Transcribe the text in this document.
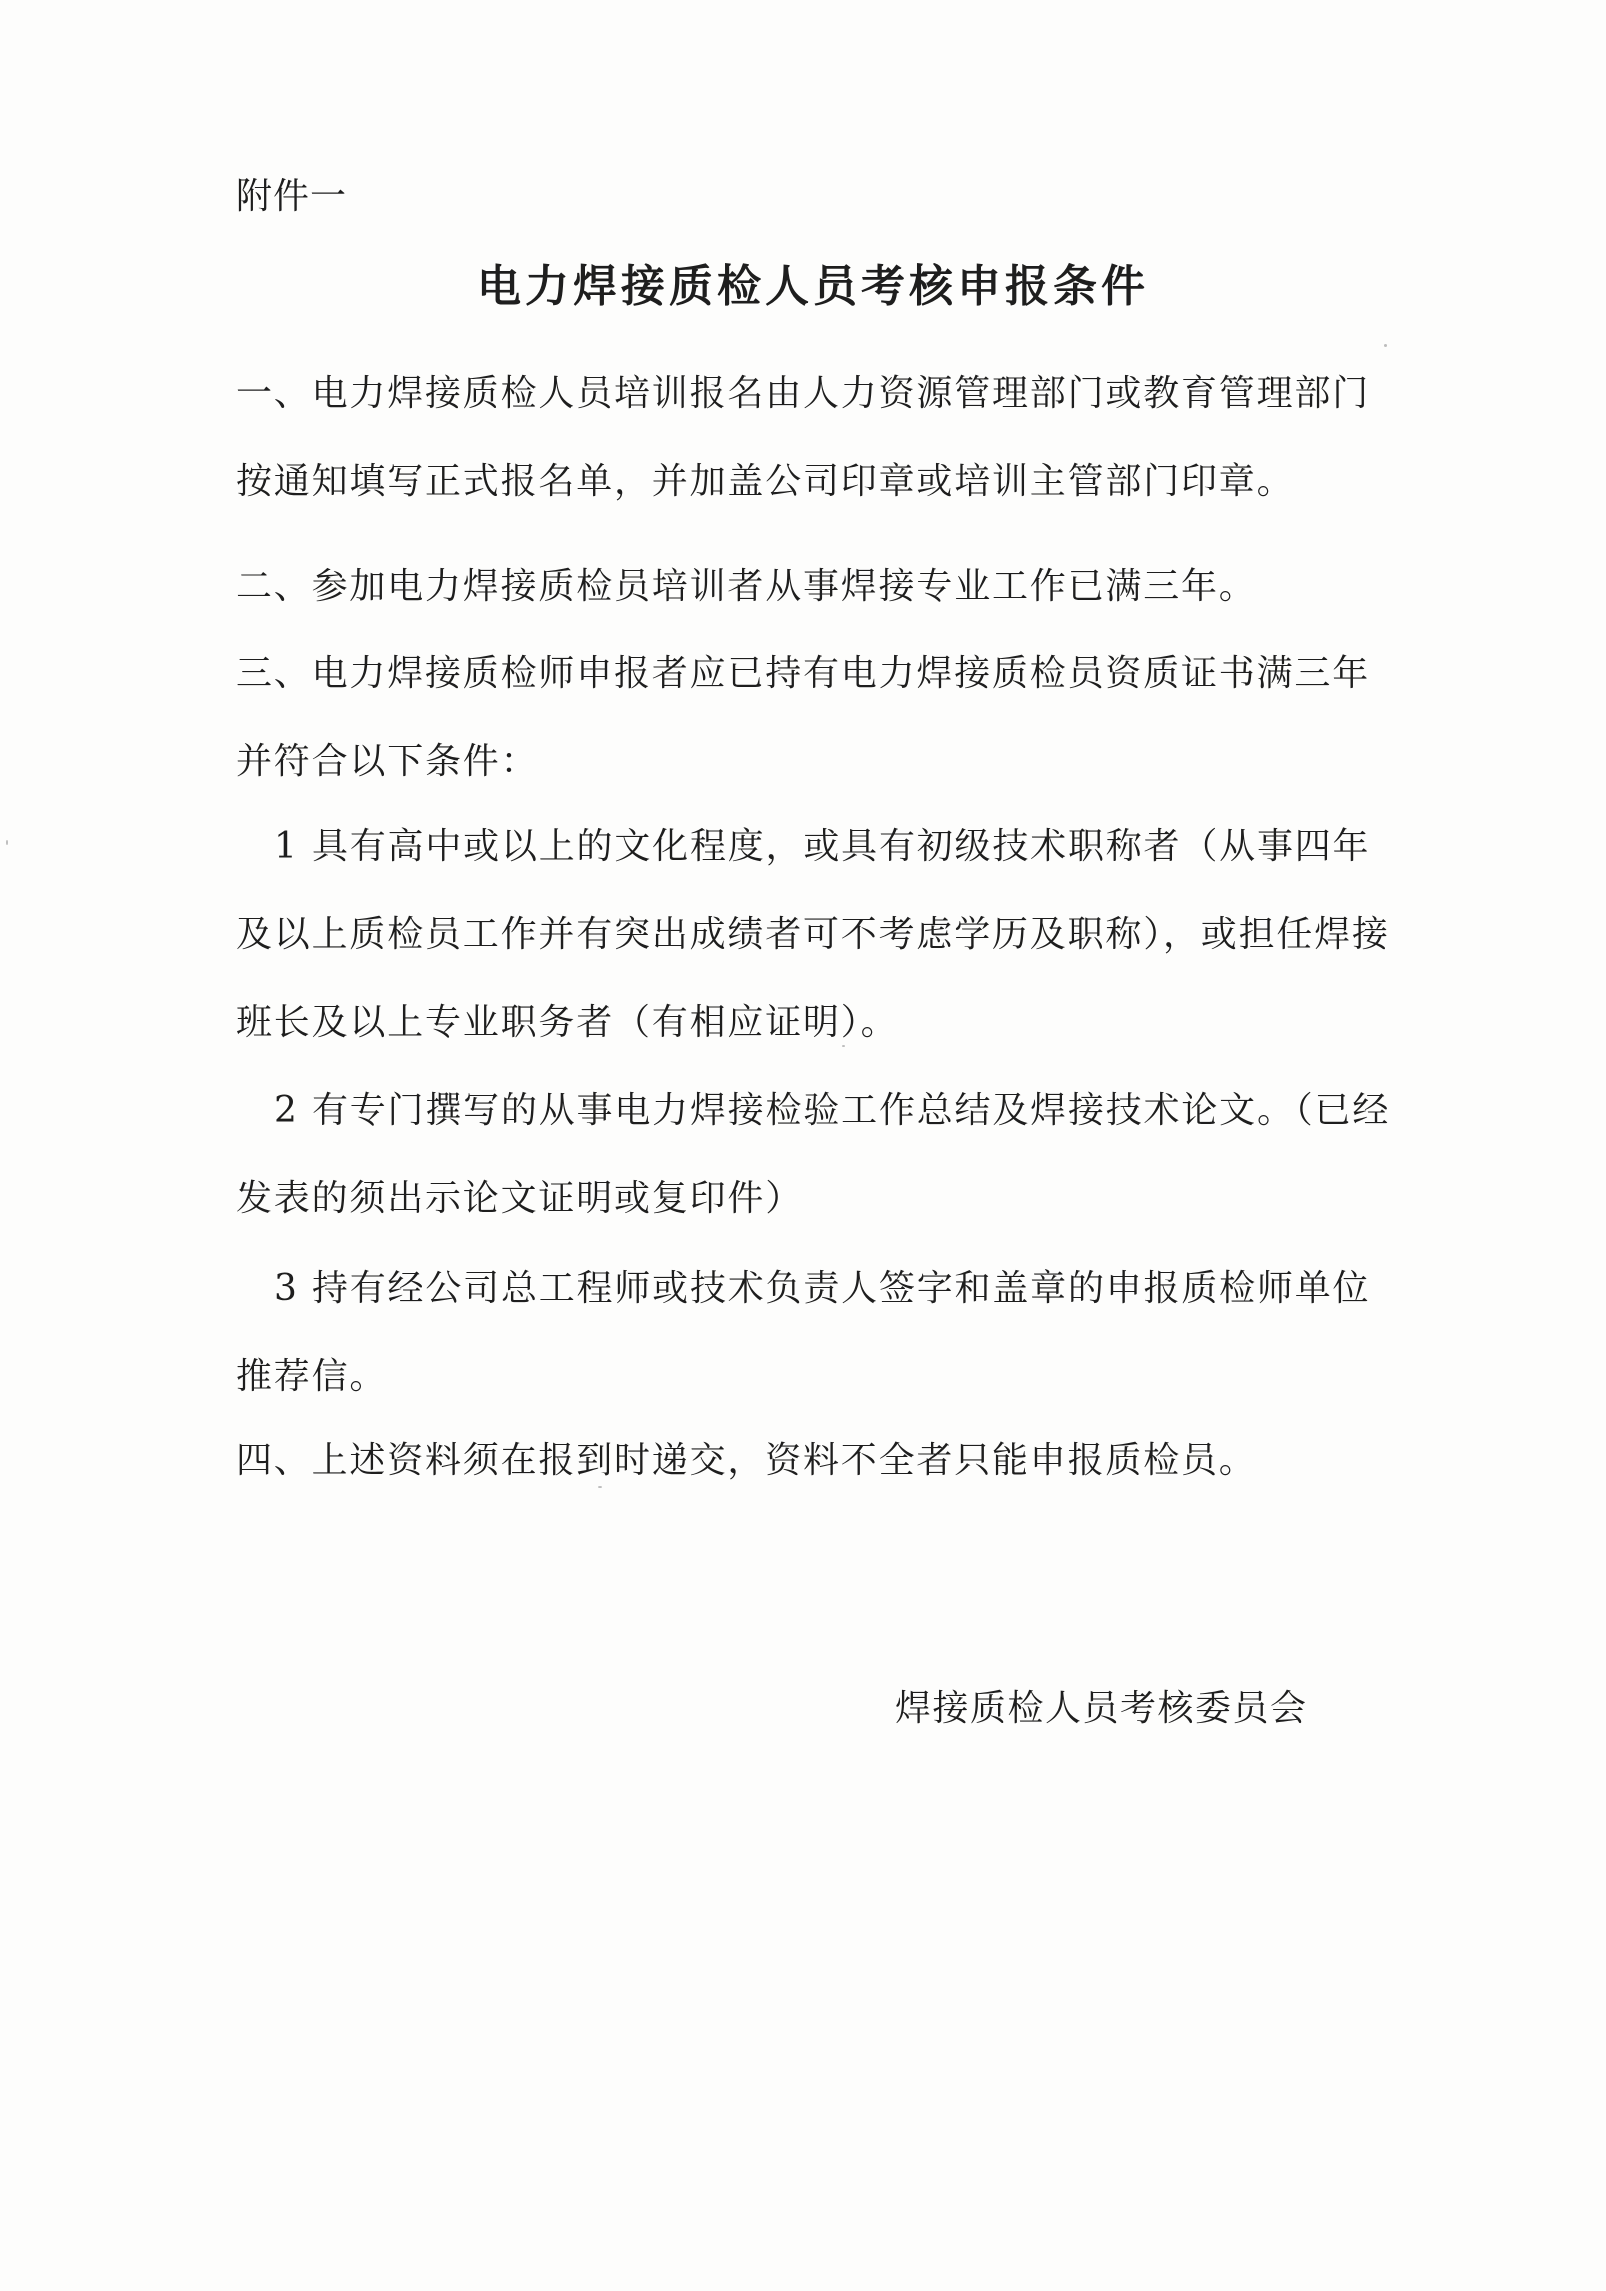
附件一
电力焊接质检人员考核申报条件

一、电力焊接质检人员培训报名由人力资源管理部门或教育管理部门按通知填写正式报名单，并加盖公司印章或培训主管部门印章。

二、参加电力焊接质检员培训者从事焊接专业工作已满三年。

三、电力焊接质检师申报者应已持有电力焊接质检员资质证书满三年并符合以下条件：

1 具有高中或以上的文化程度，或具有初级技术职称者（从事四年及以上质检员工作并有突出成绩者可不考虑学历及职称），或担任焊接班长及以上专业职务者（有相应证明）。

2 有专门撰写的从事电力焊接检验工作总结及焊接技术论文。（已经发表的须出示论文证明或复印件）

3 持有经公司总工程师或技术负责人签字和盖章的申报质检师单位推荐信。

四、上述资料须在报到时递交，资料不全者只能申报质检员。

焊接质检人员考核委员会
